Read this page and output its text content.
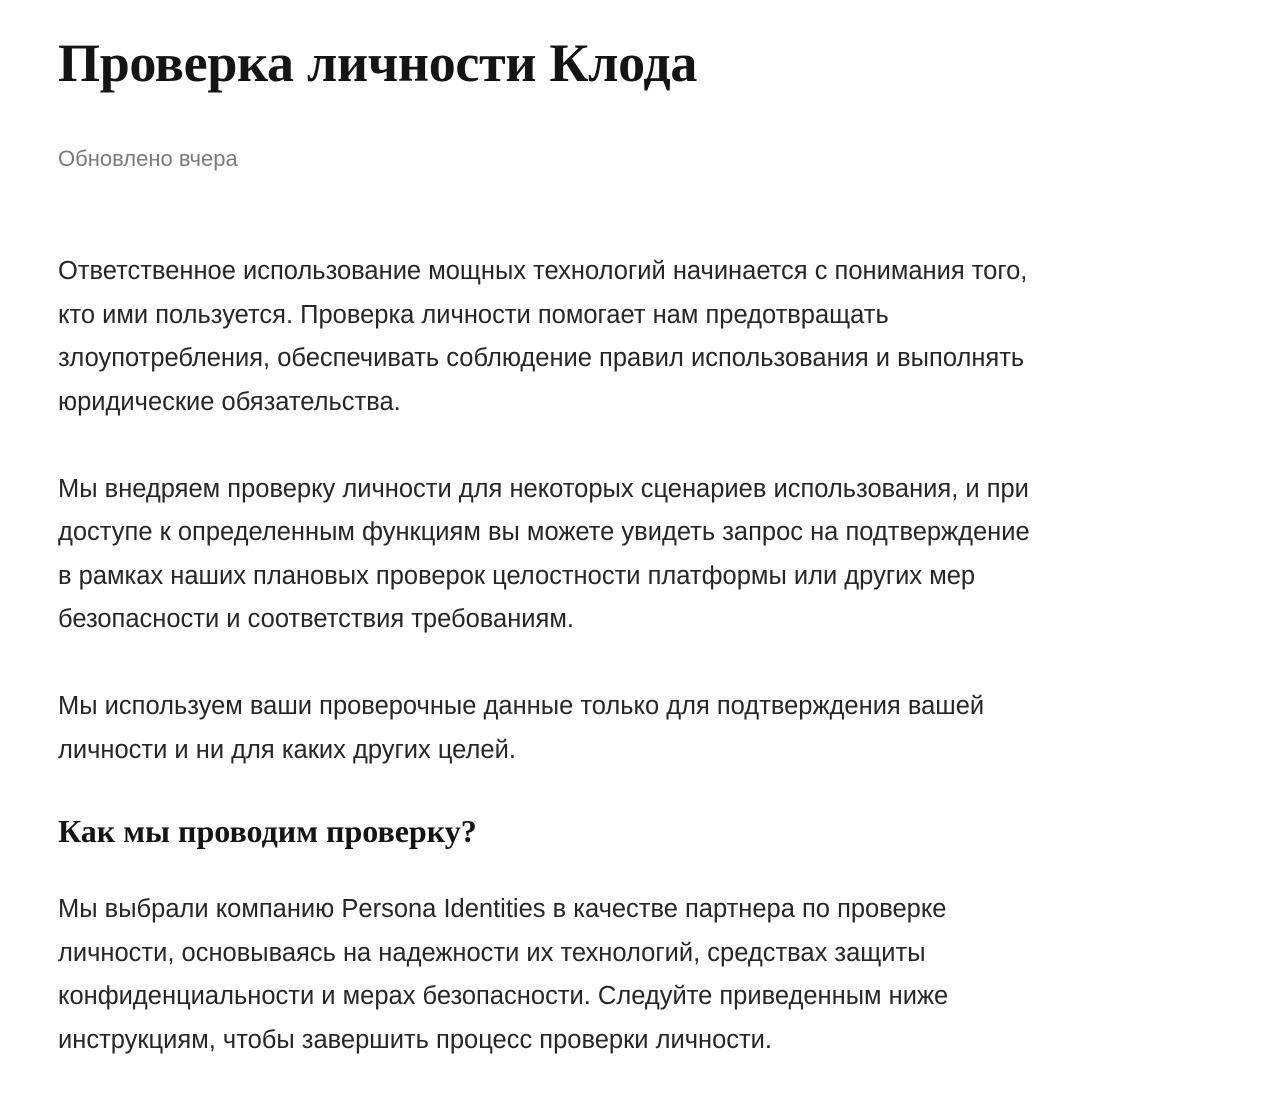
Проверка личности Клода
Обновлено вчера

Ответственное использование мощных технологий начинается с понимания того,
кто ими пользуется. Проверка личности помогает нам предотвращать
злоупотребления, обеспечивать соблюдение правил использования и выполнять
юридические обязательства.

Мы внедряем проверку личности для некоторых сценариев использования, и при
доступе к определенным функциям вы можете увидеть запрос на подтверждение
в рамках наших плановых проверок целостности платформы или других мер
безопасности и соответствия требованиям.

Мы используем ваши проверочные данные только для подтверждения вашей
личности и ни для каких других целей.

Как мы проводим проверку?

Мы выбрали компанию Persona Identities в качестве партнера по проверке
личности, основываясь на надежности их технологий, средствах защиты
конфиденциальности и мерах безопасности. Следуйте приведенным ниже
инструкциям, чтобы завершить процесс проверки личности.
